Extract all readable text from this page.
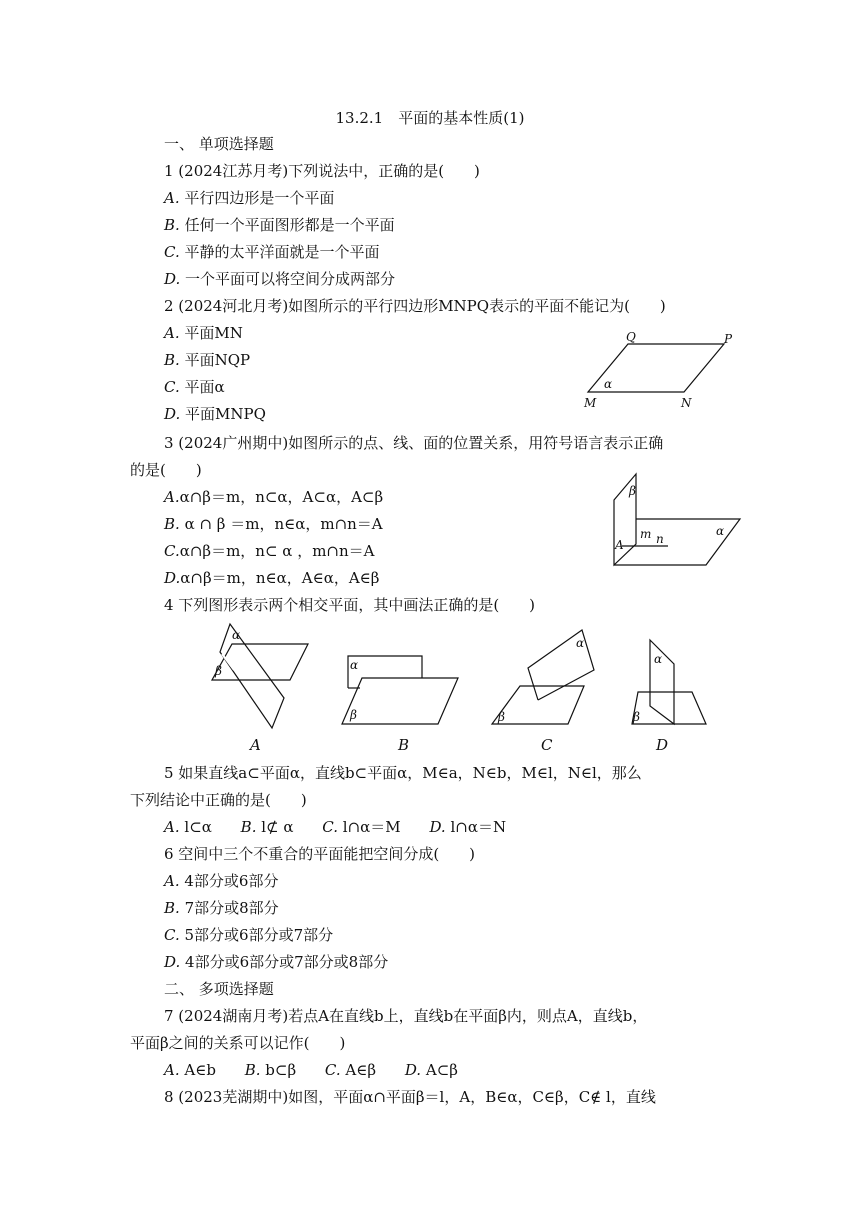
13.2.1　平面的基本性质(1)
一、 单项选择题
1 (2024江苏月考)下列说法中，正确的是(　　)
A. 平行四边形是一个平面
B. 任何一个平面图形都是一个平面
C. 平静的太平洋面就是一个平面
D. 一个平面可以将空间分成两部分
2 (2024河北月考)如图所示的平行四边形MNPQ表示的平面不能记为(　　)
A. 平面MN
B. 平面NQP
C. 平面α
D. 平面MNPQ
Q	P
M	N
α
3 (2024广州期中)如图所示的点、线、面的位置关系，用符号语言表示正确
的是(　　)
A.α∩β＝m，n⊂α，A⊂α，A⊂β
B. α ∩ β ＝m，n∈α，m∩n＝A
C.α∩β＝m，n⊂ α ，m∩n＝A
D.α∩β＝m，n∈α，A∈α，A∈β
β
α
m n
A
4 下列图形表示两个相交平面，其中画法正确的是(　　)
α
β	α
β
α
β
α
β
A	B	C	D
5 如果直线a⊂平面α，直线b⊂平面α，M∈a，N∈b，M∈l，N∈l，那么
下列结论中正确的是(　　)
A. l⊂α B. l⊄ α C. l∩α＝M D. l∩α＝N
6 空间中三个不重合的平面能把空间分成(　　)
A. 4部分或6部分
B. 7部分或8部分
C. 5部分或6部分或7部分
D. 4部分或6部分或7部分或8部分
二、 多项选择题
7 (2024湖南月考)若点A在直线b上，直线b在平面β内，则点A，直线b，
平面β之间的关系可以记作(　　)
A. A∈b B. b⊂β C. A∈β D. A⊂β
8 (2023芜湖期中)如图，平面α∩平面β＝l，A，B∈α，C∈β，C∉ l，直线
